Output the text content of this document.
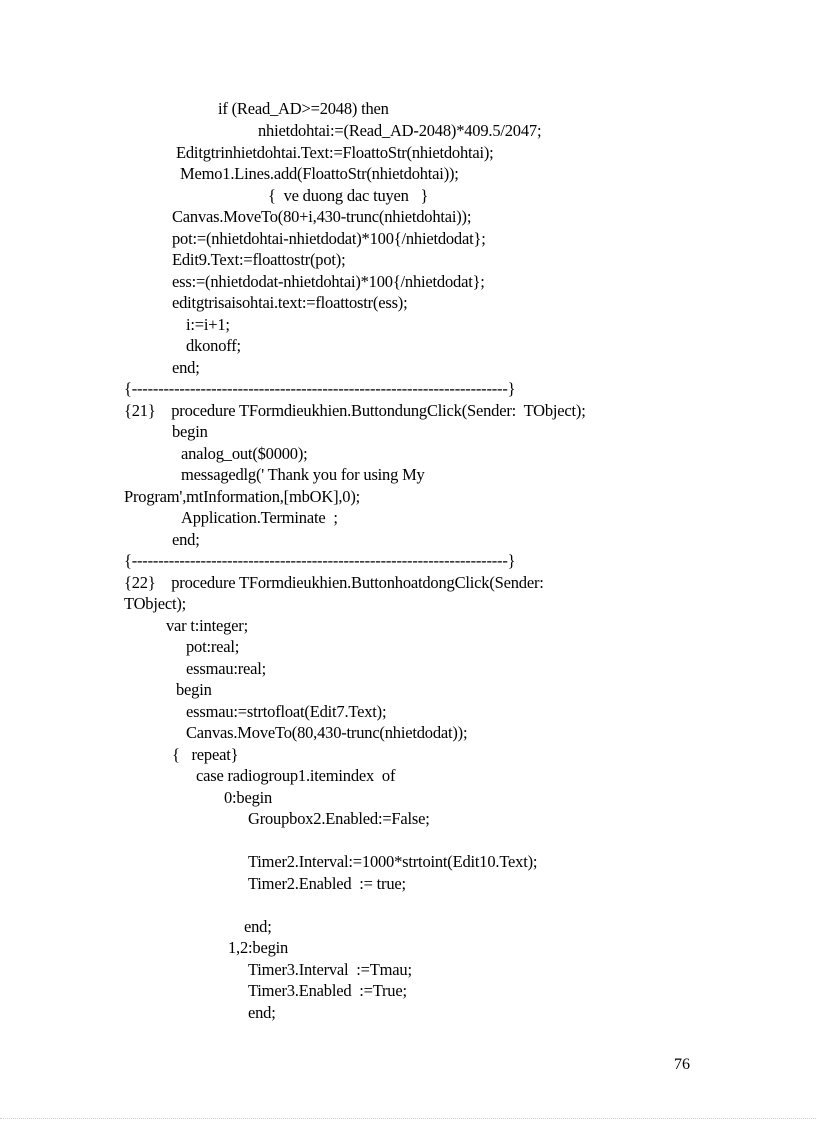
if (Read_AD>=2048) then
nhietdohtai:=(Read_AD-2048)*409.5/2047;
Editgtrinhietdohtai.Text:=FloattoStr(nhietdohtai);
Memo1.Lines.add(FloattoStr(nhietdohtai));
{  ve duong dac tuyen   }
Canvas.MoveTo(80+i,430-trunc(nhietdohtai));
pot:=(nhietdohtai-nhietdodat)*100{/nhietdodat};
Edit9.Text:=floattostr(pot);
ess:=(nhietdodat-nhietdohtai)*100{/nhietdodat};
editgtrisaisohtai.text:=floattostr(ess);
i:=i+1;
dkonoff;
end;
{-----------------------------------------------------------------------}
{21}    procedure TFormdieukhien.ButtondungClick(Sender:  TObject);
begin
analog_out($0000);
messagedlg(' Thank you for using My
Program',mtInformation,[mbOK],0);
Application.Terminate  ;
end;
{-----------------------------------------------------------------------}
{22}    procedure TFormdieukhien.ButtonhoatdongClick(Sender:
TObject);
var t:integer;
pot:real;
essmau:real;
begin
essmau:=strtofloat(Edit7.Text);
Canvas.MoveTo(80,430-trunc(nhietdodat));
{   repeat}
case radiogroup1.itemindex  of
0:begin
Groupbox2.Enabled:=False;
Timer2.Interval:=1000*strtoint(Edit10.Text);
Timer2.Enabled  := true;
end;
1,2:begin
Timer3.Interval  :=Tmau;
Timer3.Enabled  :=True;
end;
76
